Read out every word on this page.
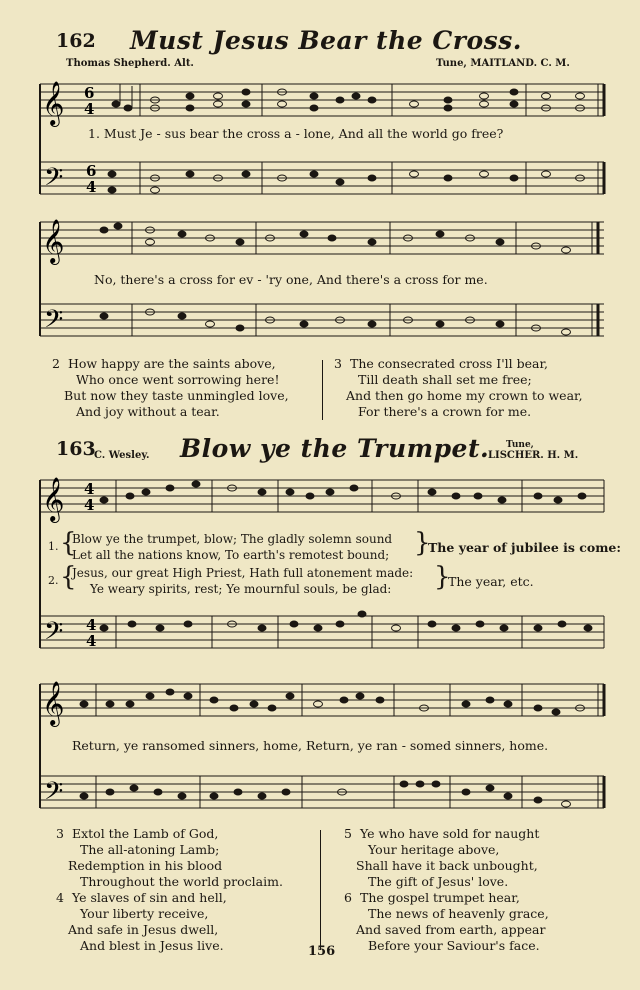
162 Must Jesus Bear the Cross.
Thomas Shepherd. Alt.	Tune, MAITLAND. C. M.
𝄞
𝄢
6
4
6
4
1. Must Je - sus bear the cross a - lone, And all the world go free?
𝄞
𝄢
No, there's a cross for ev - 'ry one, And there's a cross for me.
2 How happy are the saints above,
Who once went sorrowing here!
But now they taste unmingled love,
And joy without a tear.
3 The consecrated cross I'll bear,
Till death shall set me free;
And then go home my crown to wear,
For there's a crown for me.
163
C. Wesley. Blow ye the Trumpet. Tune,
LISCHER. H. M.
𝄞
𝄢
4
4
4
4
1. {
Blow ye the trumpet, blow; The gladly solemn sound
Let all the nations know, To earth's remotest bound; }
The year of jubilee is come:
2. {
Jesus, our great High Priest, Hath full atonement made:
Ye weary spirits, rest; Ye mournful souls, be glad: }
The year, etc.
𝄞
𝄢
Return, ye ransomed sinners, home, Return, ye ran - somed sinners, home.
3 Extol the Lamb of God,
The all-atoning Lamb;
Redemption in his blood
Throughout the world proclaim.
4 Ye slaves of sin and hell,
Your liberty receive,
And safe in Jesus dwell,
And blest in Jesus live.
5 Ye who have sold for naught
Your heritage above,
Shall have it back unbought,
The gift of Jesus' love.
6 The gospel trumpet hear,
The news of heavenly grace,
And saved from earth, appear
Before your Saviour's face.
156
